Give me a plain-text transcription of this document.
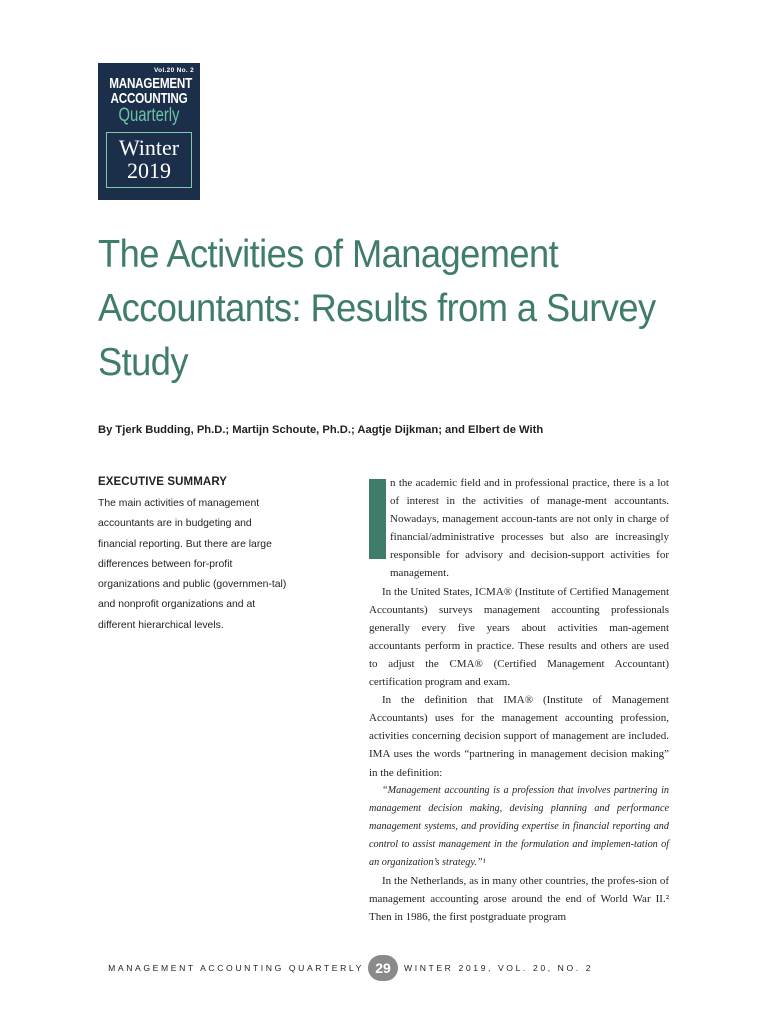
Vol.20 No. 2
MANAGEMENT
ACCOUNTING
Quarterly
Winter
2019
The Activities of Management Accountants: Results from a Survey Study
By Tjerk Budding, Ph.D.; Martijn Schoute, Ph.D.; Aagtje Dijkman; and Elbert de With
EXECUTIVE SUMMARY
The main activities of management accountants are in budgeting and financial reporting. But there are large differences between for-profit organizations and public (governmen-tal) and nonprofit organizations and at different hierarchical levels.

n the academic field and in professional practice, there is a lot of interest in the activities of manage-ment accountants. Nowadays, management accoun-tants are not only in charge of financial/administrative processes but also are increasingly responsible for advisory and decision-support activities for management.

In the United States, ICMA® (Institute of Certified Management Accountants) surveys management accounting professionals generally every five years about activities man-agement accountants perform in practice. These results and others are used to adjust the CMA® (Certified Management Accountant) certification program and exam.

In the definition that IMA® (Institute of Management Accountants) uses for the management accounting profession, activities concerning decision support of management are included. IMA uses the words “partnering in management decision making” in the definition:

“Management accounting is a profession that involves partnering in management decision making, devising planning and performance management systems, and providing expertise in financial reporting and control to assist management in the formulation and implemen-tation of an organization’s strategy.”¹

In the Netherlands, as in many other countries, the profes-sion of management accounting arose around the end of World War II.² Then in 1986, the first postgraduate program

MANAGEMENT ACCOUNTING QUARTERLY 29	WINTER 2019, VOL. 20, NO. 2
